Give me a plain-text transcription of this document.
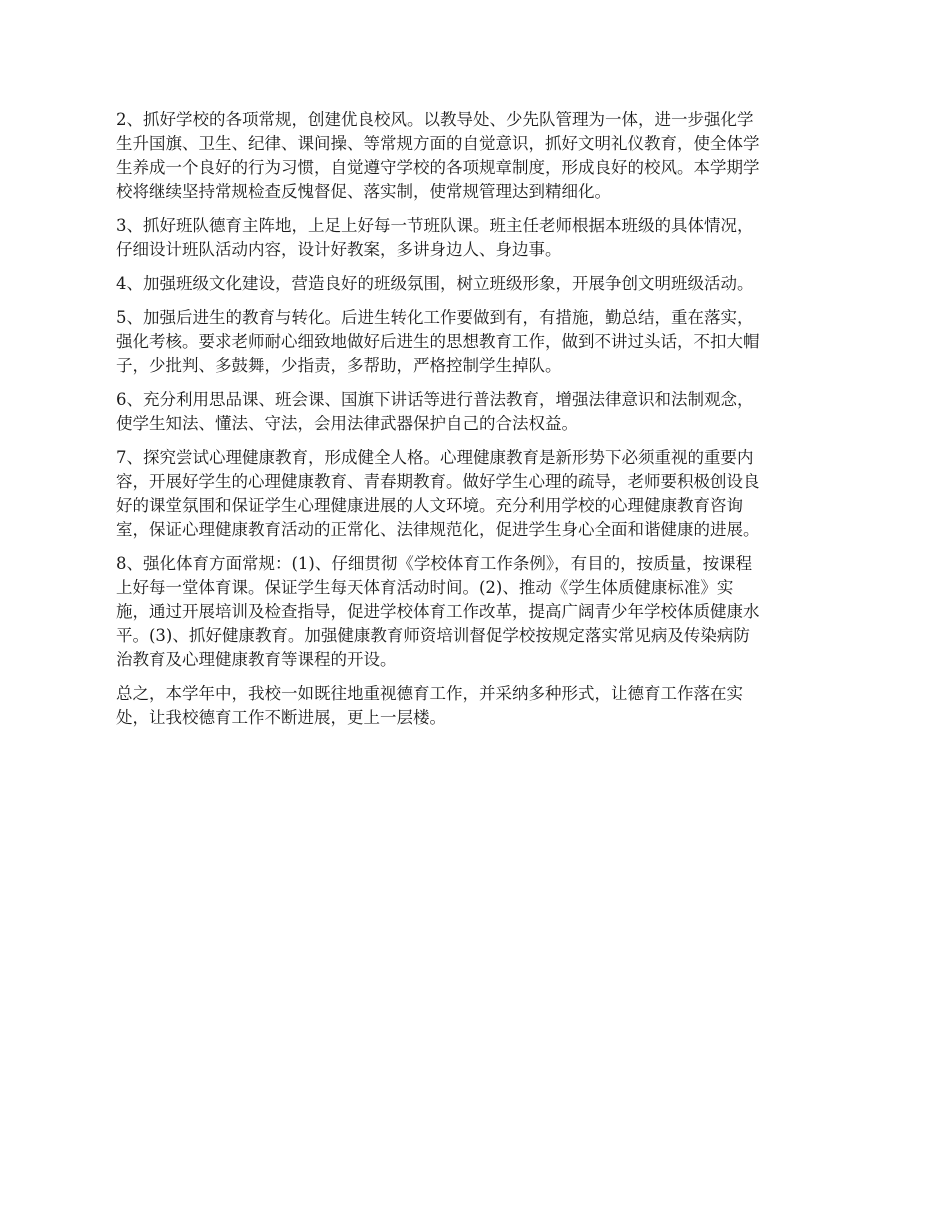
2、抓好学校的各项常规，创建优良校风。以教导处、少先队管理为一体，进一步强化学
生升国旗、卫生、纪律、课间操、等常规方面的自觉意识，抓好文明礼仪教育，使全体学
生养成一个良好的行为习惯，自觉遵守学校的各项规章制度，形成良好的校风。本学期学
校将继续坚持常规检查反愧督促、落实制，使常规管理达到精细化。

3、抓好班队德育主阵地，上足上好每一节班队课。班主任老师根据本班级的具体情况，
仔细设计班队活动内容，设计好教案，多讲身边人、身边事。

4、加强班级文化建设，营造良好的班级氛围，树立班级形象，开展争创文明班级活动。

5、加强后进生的教育与转化。后进生转化工作要做到有，有措施，勤总结，重在落实，
强化考核。要求老师耐心细致地做好后进生的思想教育工作，做到不讲过头话，不扣大帽
子，少批判、多鼓舞，少指责，多帮助，严格控制学生掉队。

6、充分利用思品课、班会课、国旗下讲话等进行普法教育，增强法律意识和法制观念，
使学生知法、懂法、守法，会用法律武器保护自己的合法权益。

7、探究尝试心理健康教育，形成健全人格。心理健康教育是新形势下必须重视的重要内
容，开展好学生的心理健康教育、青春期教育。做好学生心理的疏导，老师要积极创设良
好的课堂氛围和保证学生心理健康进展的人文环境。充分利用学校的心理健康教育咨询
室，保证心理健康教育活动的正常化、法律规范化，促进学生身心全面和谐健康的进展。

8、强化体育方面常规：(1)、仔细贯彻《学校体育工作条例》，有目的，按质量，按课程
上好每一堂体育课。保证学生每天体育活动时间。(2)、推动《学生体质健康标准》实
施，通过开展培训及检查指导，促进学校体育工作改革，提高广阔青少年学校体质健康水
平。(3)、抓好健康教育。加强健康教育师资培训督促学校按规定落实常见病及传染病防
治教育及心理健康教育等课程的开设。

总之，本学年中，我校一如既往地重视德育工作，并采纳多种形式，让德育工作落在实
处，让我校德育工作不断进展，更上一层楼。
